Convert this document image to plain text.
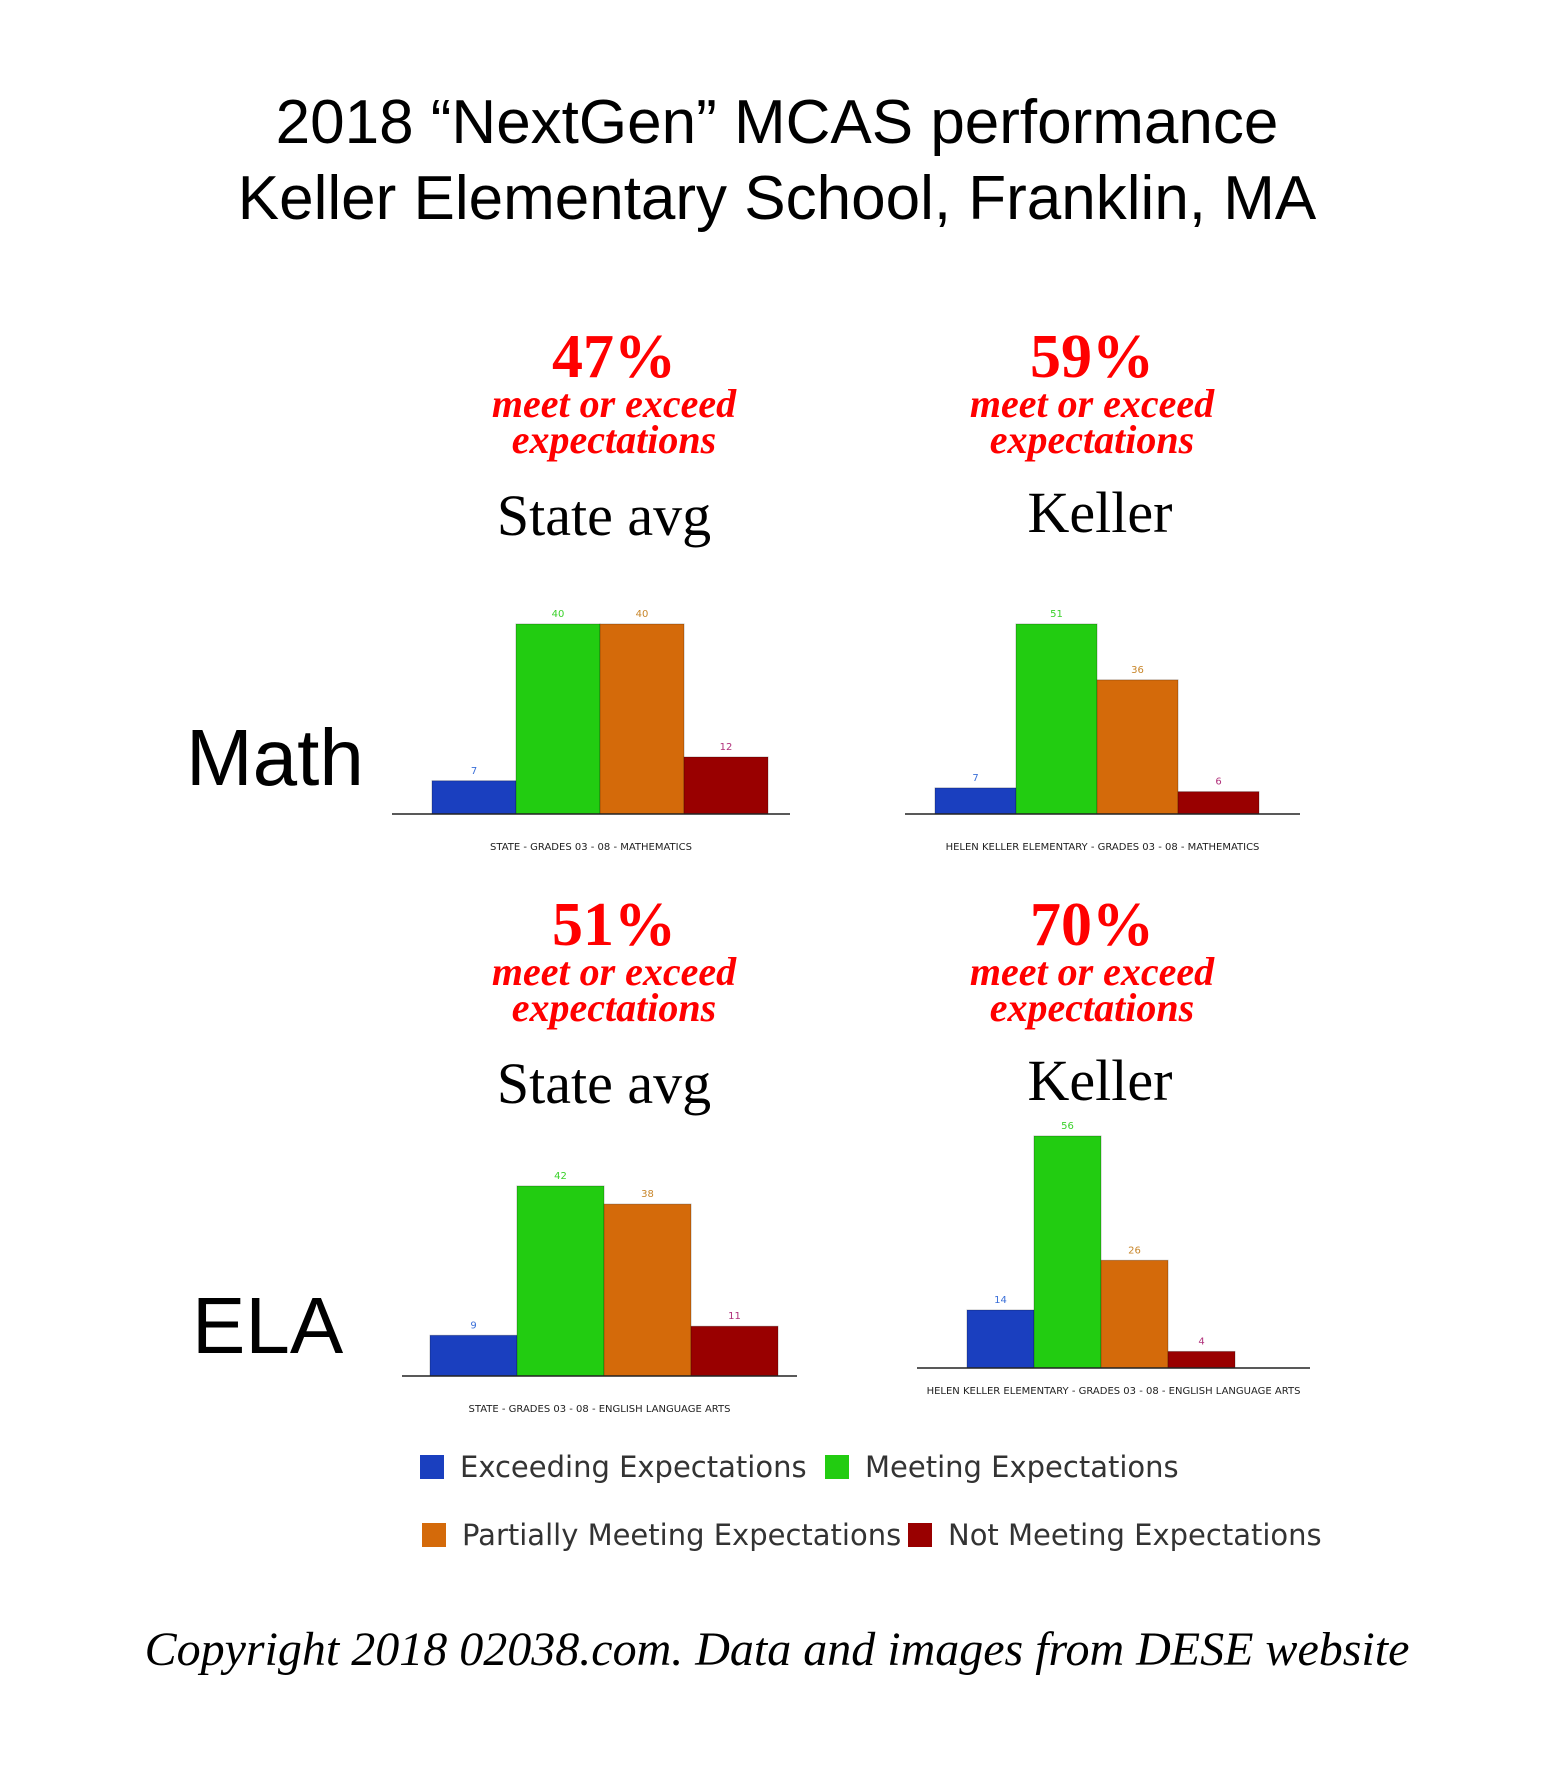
2018 “NextGen” MCAS performance
Keller Elementary School, Franklin, MA
47%
meet or exceed
expectations
State avg
59%
meet or exceed
expectations
Keller
Math	7
40	40
12
STATE - GRADES 03 - 08 - MATHEMATICS
7
51
36
6
HELEN KELLER ELEMENTARY - GRADES 03 - 08 - MATHEMATICS
51%
meet or exceed
expectations
State avg
70%
meet or exceed
expectations
Keller
ELA	9
42
38
11
STATE - GRADES 03 - 08 - ENGLISH LANGUAGE ARTS
14
56
26
4
HELEN KELLER ELEMENTARY - GRADES 03 - 08 - ENGLISH LANGUAGE ARTS
Exceeding Expectations Meeting Expectations
Partially Meeting Expectations Not Meeting Expectations
Copyright 2018 02038.com. Data and images from DESE website
